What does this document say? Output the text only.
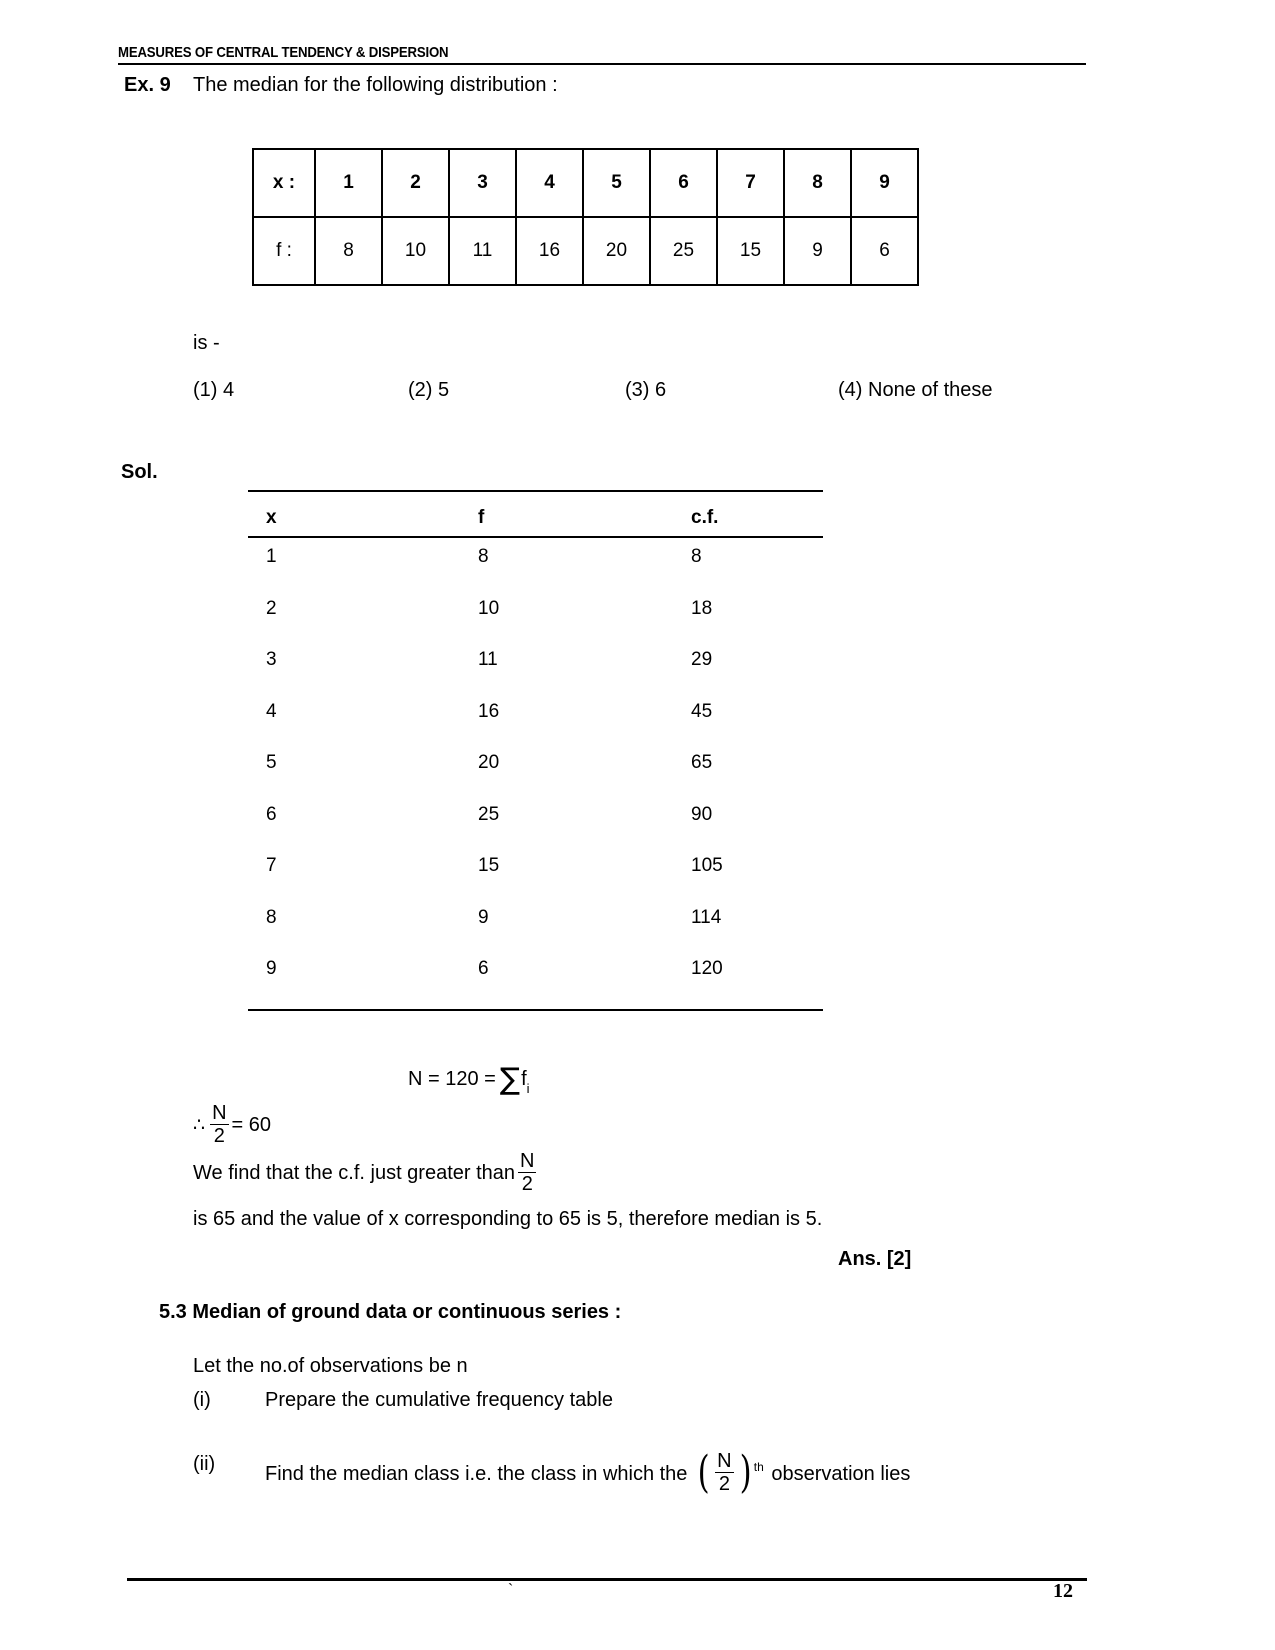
MEASURES OF CENTRAL TENDENCY & DISPERSION
Ex. 9 The median for the following distribution :
x :	1	2	3	4	5	6	7	8	9
f :	8	10	11	16	20	25	15	9	6
is -
(1) 4	(2) 5	(3) 6	(4) None of these
Sol.
x	f	c.f.
1	8	8
2	10	18
3	11	29
4	16	45
5	20	65
6	25	90
7	15	105
8	9	114
9	6	120
$N = 120 = \sum f_i$
∴ $\frac{N}{2} = 60$
We find that the c.f. just greater than $\frac{N}{2}$
is 65 and the value of x corresponding to 65 is 5, therefore median is 5.
Ans. [2]
5.3 Median of ground data or continuous series :
Let the no.of observations be n
(i)	Prepare the cumulative frequency table
(ii) Find the median class i.e. the class in which the ( $\frac{N}{2}$ ) $^{th}$ observation lies
`	12
